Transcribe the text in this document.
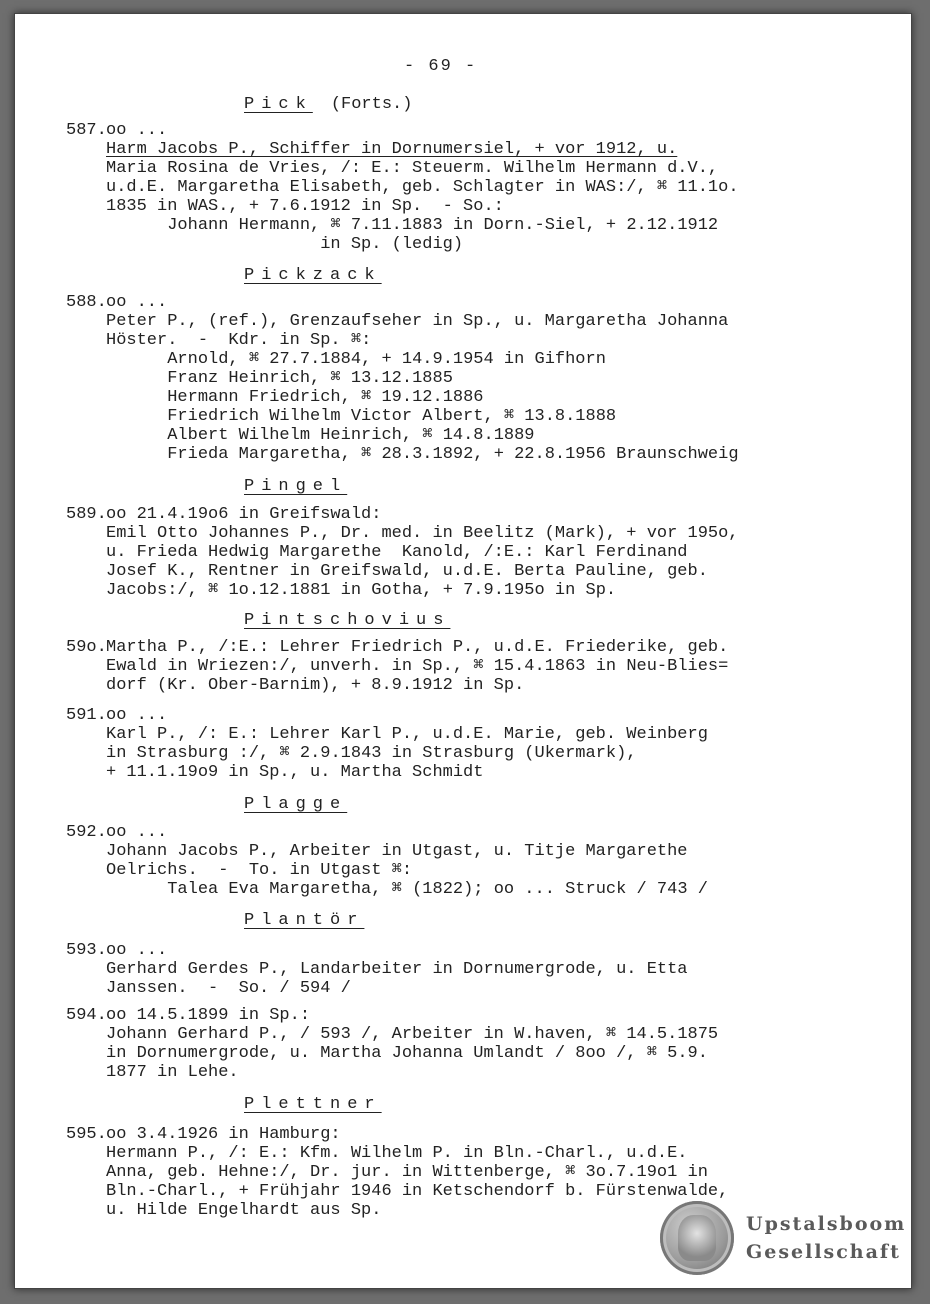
- 69 -
Pick (Forts.)
587. oo ...
Harm Jacobs P., Schiffer in Dornumersiel, + vor 1912, u.
Maria Rosina de Vries, /: E.: Steuerm. Wilhelm Hermann d.V.,
u.d.E. Margaretha Elisabeth, geb. Schlagter in WAS:/, ⌘ 11.1o.
1835 in WAS., + 7.6.1912 in Sp.  - So.:
Johann Hermann, ⌘ 7.11.1883 in Dorn.-Siel, + 2.12.1912
in Sp. (ledig)
Pickzack
588. oo ...
Peter P., (ref.), Grenzaufseher in Sp., u. Margaretha Johanna
Höster.  -  Kdr. in Sp. ⌘:
Arnold, ⌘ 27.7.1884, + 14.9.1954 in Gifhorn
Franz Heinrich, ⌘ 13.12.1885
Hermann Friedrich, ⌘ 19.12.1886
Friedrich Wilhelm Victor Albert, ⌘ 13.8.1888
Albert Wilhelm Heinrich, ⌘ 14.8.1889
Frieda Margaretha, ⌘ 28.3.1892, + 22.8.1956 Braunschweig
Pingel
589. oo 21.4.19o6 in Greifswald:
Emil Otto Johannes P., Dr. med. in Beelitz (Mark), + vor 195o,
u. Frieda Hedwig Margarethe  Kanold, /:E.: Karl Ferdinand
Josef K., Rentner in Greifswald, u.d.E. Berta Pauline, geb.
Jacobs:/, ⌘ 1o.12.1881 in Gotha, + 7.9.195o in Sp.
Pintschovius
59o. Martha P., /:E.: Lehrer Friedrich P., u.d.E. Friederike, geb.
Ewald in Wriezen:/, unverh. in Sp., ⌘ 15.4.1863 in Neu-Blies=
dorf (Kr. Ober-Barnim), + 8.9.1912 in Sp.
591. oo ...
Karl P., /: E.: Lehrer Karl P., u.d.E. Marie, geb. Weinberg
in Strasburg :/, ⌘ 2.9.1843 in Strasburg (Ukermark),
+ 11.1.19o9 in Sp., u. Martha Schmidt
Plagge
592. oo ...
Johann Jacobs P., Arbeiter in Utgast, u. Titje Margarethe
Oelrichs.  -  To. in Utgast ⌘:
Talea Eva Margaretha, ⌘ (1822); oo ... Struck / 743 /
Plantör
593. oo ...
Gerhard Gerdes P., Landarbeiter in Dornumergrode, u. Etta
Janssen.  -  So. / 594 /
594. oo 14.5.1899 in Sp.:
Johann Gerhard P., / 593 /, Arbeiter in W.haven, ⌘ 14.5.1875
in Dornumergrode, u. Martha Johanna Umlandt / 8oo /, ⌘ 5.9.
1877 in Lehe.
Plettner
595. oo 3.4.1926 in Hamburg:
Hermann P., /: E.: Kfm. Wilhelm P. in Bln.-Charl., u.d.E.
Anna, geb. Hehne:/, Dr. jur. in Wittenberge, ⌘ 3o.7.19o1 in
Bln.-Charl., + Frühjahr 1946 in Ketschendorf b. Fürstenwalde,
u. Hilde Engelhardt aus Sp.
Upstalsboom
Gesellschaft
